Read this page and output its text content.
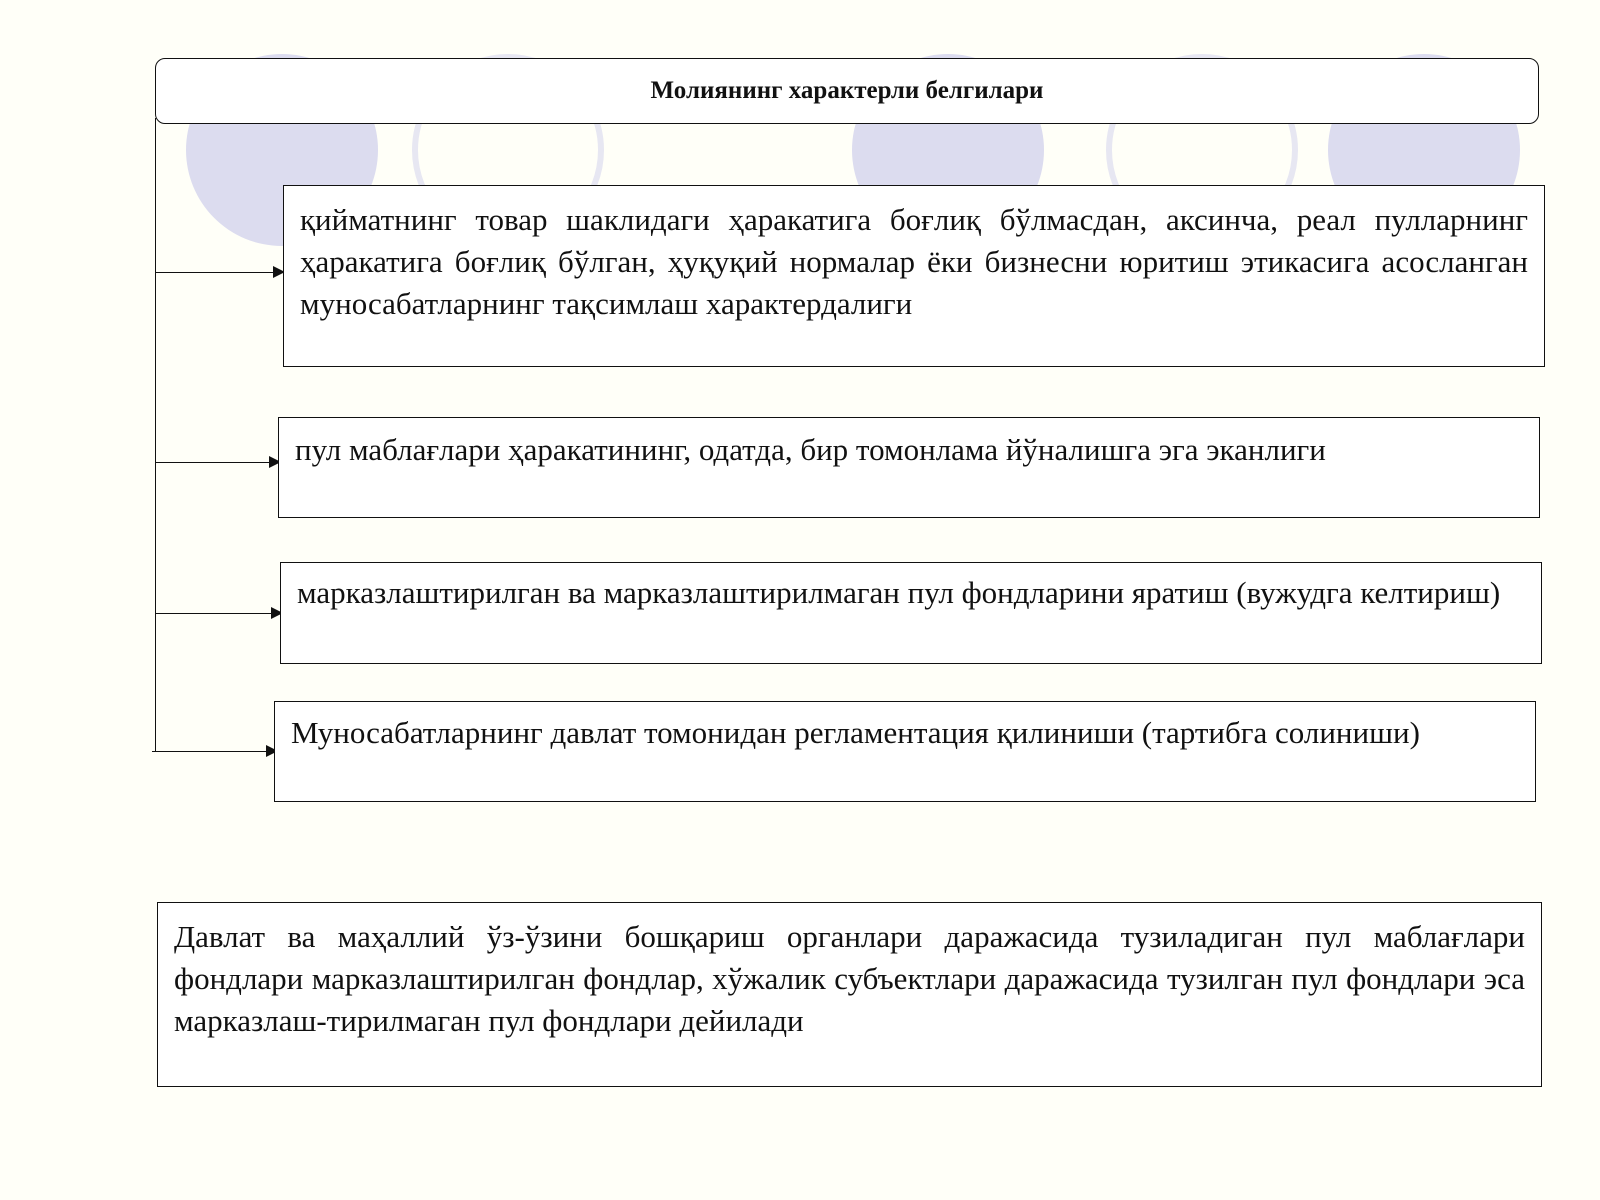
Молиянинг характерли белгилари
қийматнинг товар шаклидаги ҳаракатига боғлиқ бўлмасдан, аксинча, реал пулларнинг ҳаракатига боғлиқ бўлган, ҳуқуқий нормалар ёки бизнесни юритиш этикасига асосланган муносабатларнинг тақсимлаш характердалиги
пул маблағлари ҳаракатининг, одатда, бир томонлама йўналишга эга эканлиги
марказлаштирилган ва марказлаштирилмаган пул фондларини яратиш (вужудга келтириш)
Муносабатларнинг давлат томонидан регламентация қилиниши (тартибга солиниши)
Давлат ва маҳаллий ўз-ўзини бошқариш органлари даражасида тузиладиган пул маблағлари фондлари марказлаштирилган фондлар, хўжалик субъектлари даражасида тузилган пул фондлари эса марказлаш-тирилмаган пул фондлари дейилади
